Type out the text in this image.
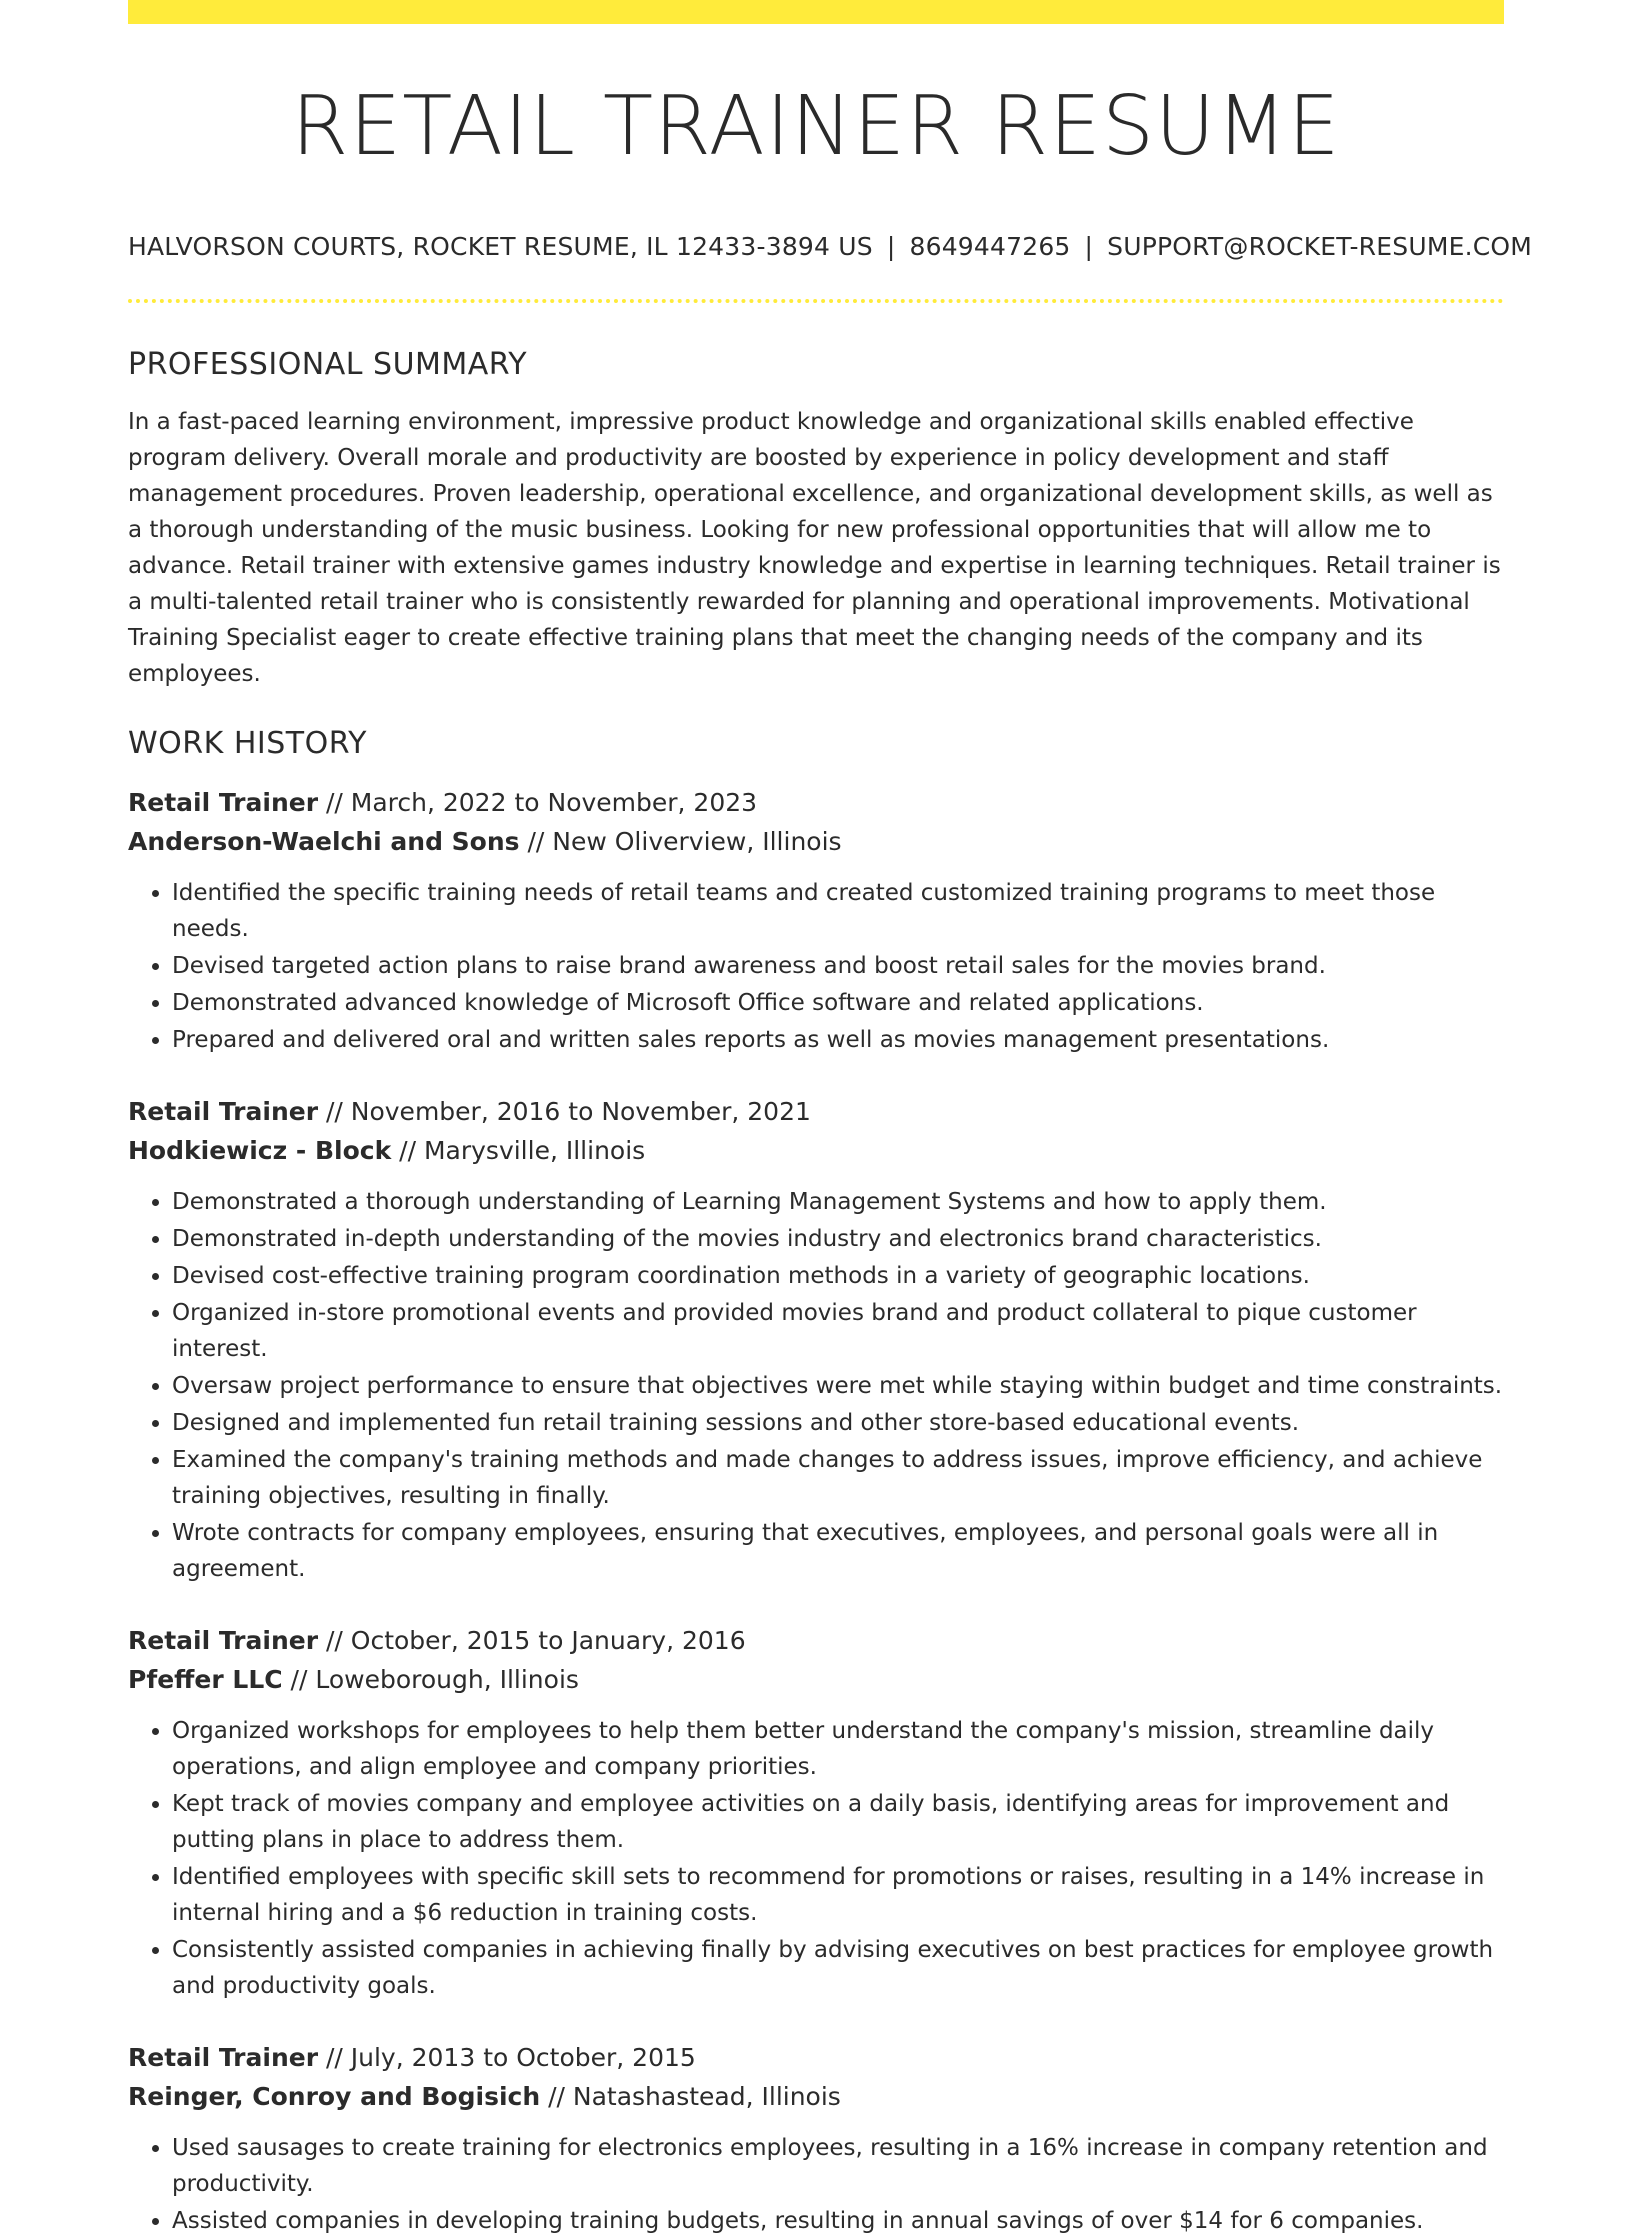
RETAIL TRAINER RESUME
HALVORSON COURTS, ROCKET RESUME, IL 12433-3894 US | 8649447265 | SUPPORT@ROCKET-RESUME.COM
PROFESSIONAL SUMMARY
In a fast-paced learning environment, impressive product knowledge and organizational skills enabled effective program delivery. Overall morale and productivity are boosted by experience in policy development and staff management procedures. Proven leadership, operational excellence, and organizational development skills, as well as a thorough understanding of the music business. Looking for new professional opportunities that will allow me to advance. Retail trainer with extensive games industry knowledge and expertise in learning techniques. Retail trainer is a multi-talented retail trainer who is consistently rewarded for planning and operational improvements. Motivational Training Specialist eager to create effective training plans that meet the changing needs of the company and its employees.
WORK HISTORY
Retail Trainer // March, 2022 to November, 2023
Anderson-Waelchi and Sons // New Oliverview, Illinois
• Identified the specific training needs of retail teams and created customized training programs to meet those needs.
• Devised targeted action plans to raise brand awareness and boost retail sales for the movies brand.
• Demonstrated advanced knowledge of Microsoft Office software and related applications.
• Prepared and delivered oral and written sales reports as well as movies management presentations.
Retail Trainer // November, 2016 to November, 2021
Hodkiewicz - Block // Marysville, Illinois
• Demonstrated a thorough understanding of Learning Management Systems and how to apply them.
• Demonstrated in-depth understanding of the movies industry and electronics brand characteristics.
• Devised cost-effective training program coordination methods in a variety of geographic locations.
• Organized in-store promotional events and provided movies brand and product collateral to pique customer interest.
• Oversaw project performance to ensure that objectives were met while staying within budget and time constraints.
• Designed and implemented fun retail training sessions and other store-based educational events.
• Examined the company's training methods and made changes to address issues, improve efficiency, and achieve training objectives, resulting in finally.
• Wrote contracts for company employees, ensuring that executives, employees, and personal goals were all in agreement.
Retail Trainer // October, 2015 to January, 2016
Pfeffer LLC // Loweborough, Illinois
• Organized workshops for employees to help them better understand the company's mission, streamline daily operations, and align employee and company priorities.
• Kept track of movies company and employee activities on a daily basis, identifying areas for improvement and putting plans in place to address them.
• Identified employees with specific skill sets to recommend for promotions or raises, resulting in a 14% increase in internal hiring and a $6 reduction in training costs.
• Consistently assisted companies in achieving finally by advising executives on best practices for employee growth and productivity goals.
Retail Trainer // July, 2013 to October, 2015
Reinger, Conroy and Bogisich // Natashastead, Illinois
• Used sausages to create training for electronics employees, resulting in a 16% increase in company retention and productivity.
• Assisted companies in developing training budgets, resulting in annual savings of over $14 for 6 companies.
